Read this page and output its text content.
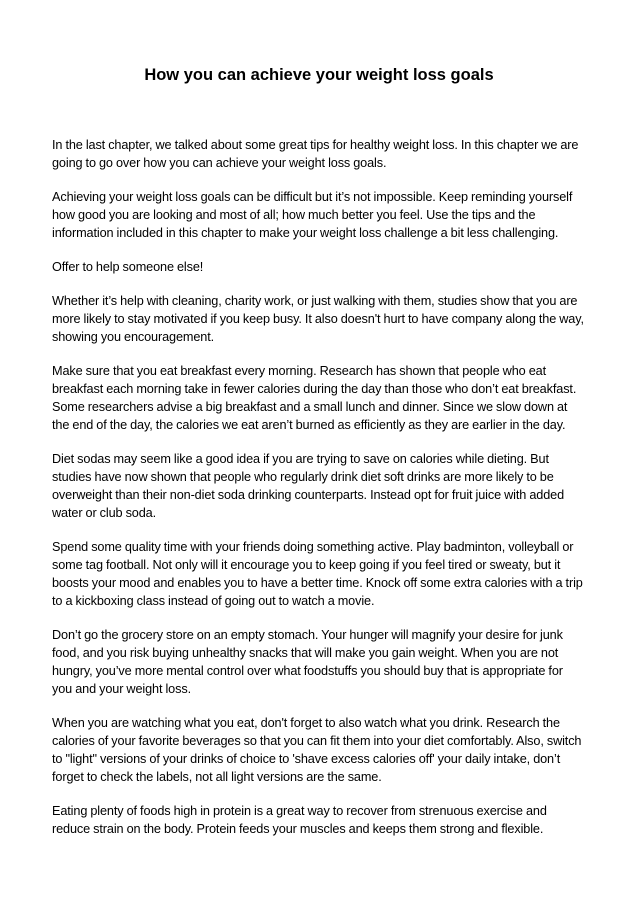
How you can achieve your weight loss goals

In the last chapter, we talked about some great tips for healthy weight loss. In this chapter we are going to go over how you can achieve your weight loss goals.

Achieving your weight loss goals can be difficult but it’s not impossible. Keep reminding yourself how good you are looking and most of all; how much better you feel. Use the tips and the information included in this chapter to make your weight loss challenge a bit less challenging.

Offer to help someone else!

Whether it’s help with cleaning, charity work, or just walking with them, studies show that you are more likely to stay motivated if you keep busy. It also doesn't hurt to have company along the way, showing you encouragement.

Make sure that you eat breakfast every morning. Research has shown that people who eat breakfast each morning take in fewer calories during the day than those who don’t eat breakfast. Some researchers advise a big breakfast and a small lunch and dinner. Since we slow down at the end of the day, the calories we eat aren’t burned as efficiently as they are earlier in the day.

Diet sodas may seem like a good idea if you are trying to save on calories while dieting. But studies have now shown that people who regularly drink diet soft drinks are more likely to be overweight than their non-diet soda drinking counterparts. Instead opt for fruit juice with added water or club soda.

Spend some quality time with your friends doing something active. Play badminton, volleyball or some tag football. Not only will it encourage you to keep going if you feel tired or sweaty, but it boosts your mood and enables you to have a better time. Knock off some extra calories with a trip to a kickboxing class instead of going out to watch a movie.

Don’t go the grocery store on an empty stomach. Your hunger will magnify your desire for junk food, and you risk buying unhealthy snacks that will make you gain weight. When you are not hungry, you’ve more mental control over what foodstuffs you should buy that is appropriate for you and your weight loss.

When you are watching what you eat, don't forget to also watch what you drink. Research the calories of your favorite beverages so that you can fit them into your diet comfortably. Also, switch to "light" versions of your drinks of choice to 'shave excess calories off' your daily intake, don’t forget to check the labels, not all light versions are the same.

Eating plenty of foods high in protein is a great way to recover from strenuous exercise and reduce strain on the body. Protein feeds your muscles and keeps them strong and flexible.
